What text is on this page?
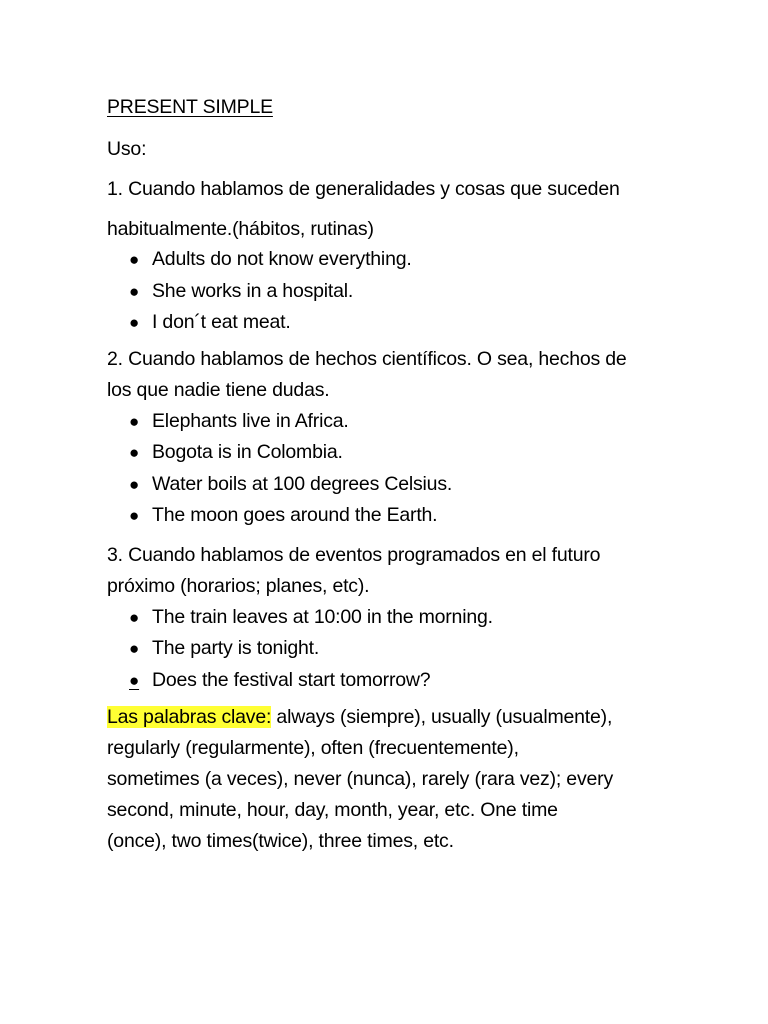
PRESENT SIMPLE

Uso:

1. Cuando hablamos de generalidades y cosas que suceden

habitualmente.(hábitos, rutinas)

● Adults do not know everything.
● She works in a hospital.
● I don´t eat meat.

2. Cuando hablamos de hechos científicos. O sea, hechos de

los que nadie tiene dudas.

● Elephants live in Africa.
● Bogota is in Colombia.
● Water boils at 100 degrees Celsius.
● The moon goes around the Earth.

3. Cuando hablamos de eventos programados en el futuro

próximo (horarios; planes, etc).

● The train leaves at 10:00 in the morning.
● The party is tonight.
● Does the festival start tomorrow?

Las palabras clave: always (siempre), usually (usualmente),

regularly (regularmente), often (frecuentemente),

sometimes (a veces), never (nunca), rarely (rara vez); every

second, minute, hour, day, month, year, etc. One time

(once), two times(twice), three times, etc.
